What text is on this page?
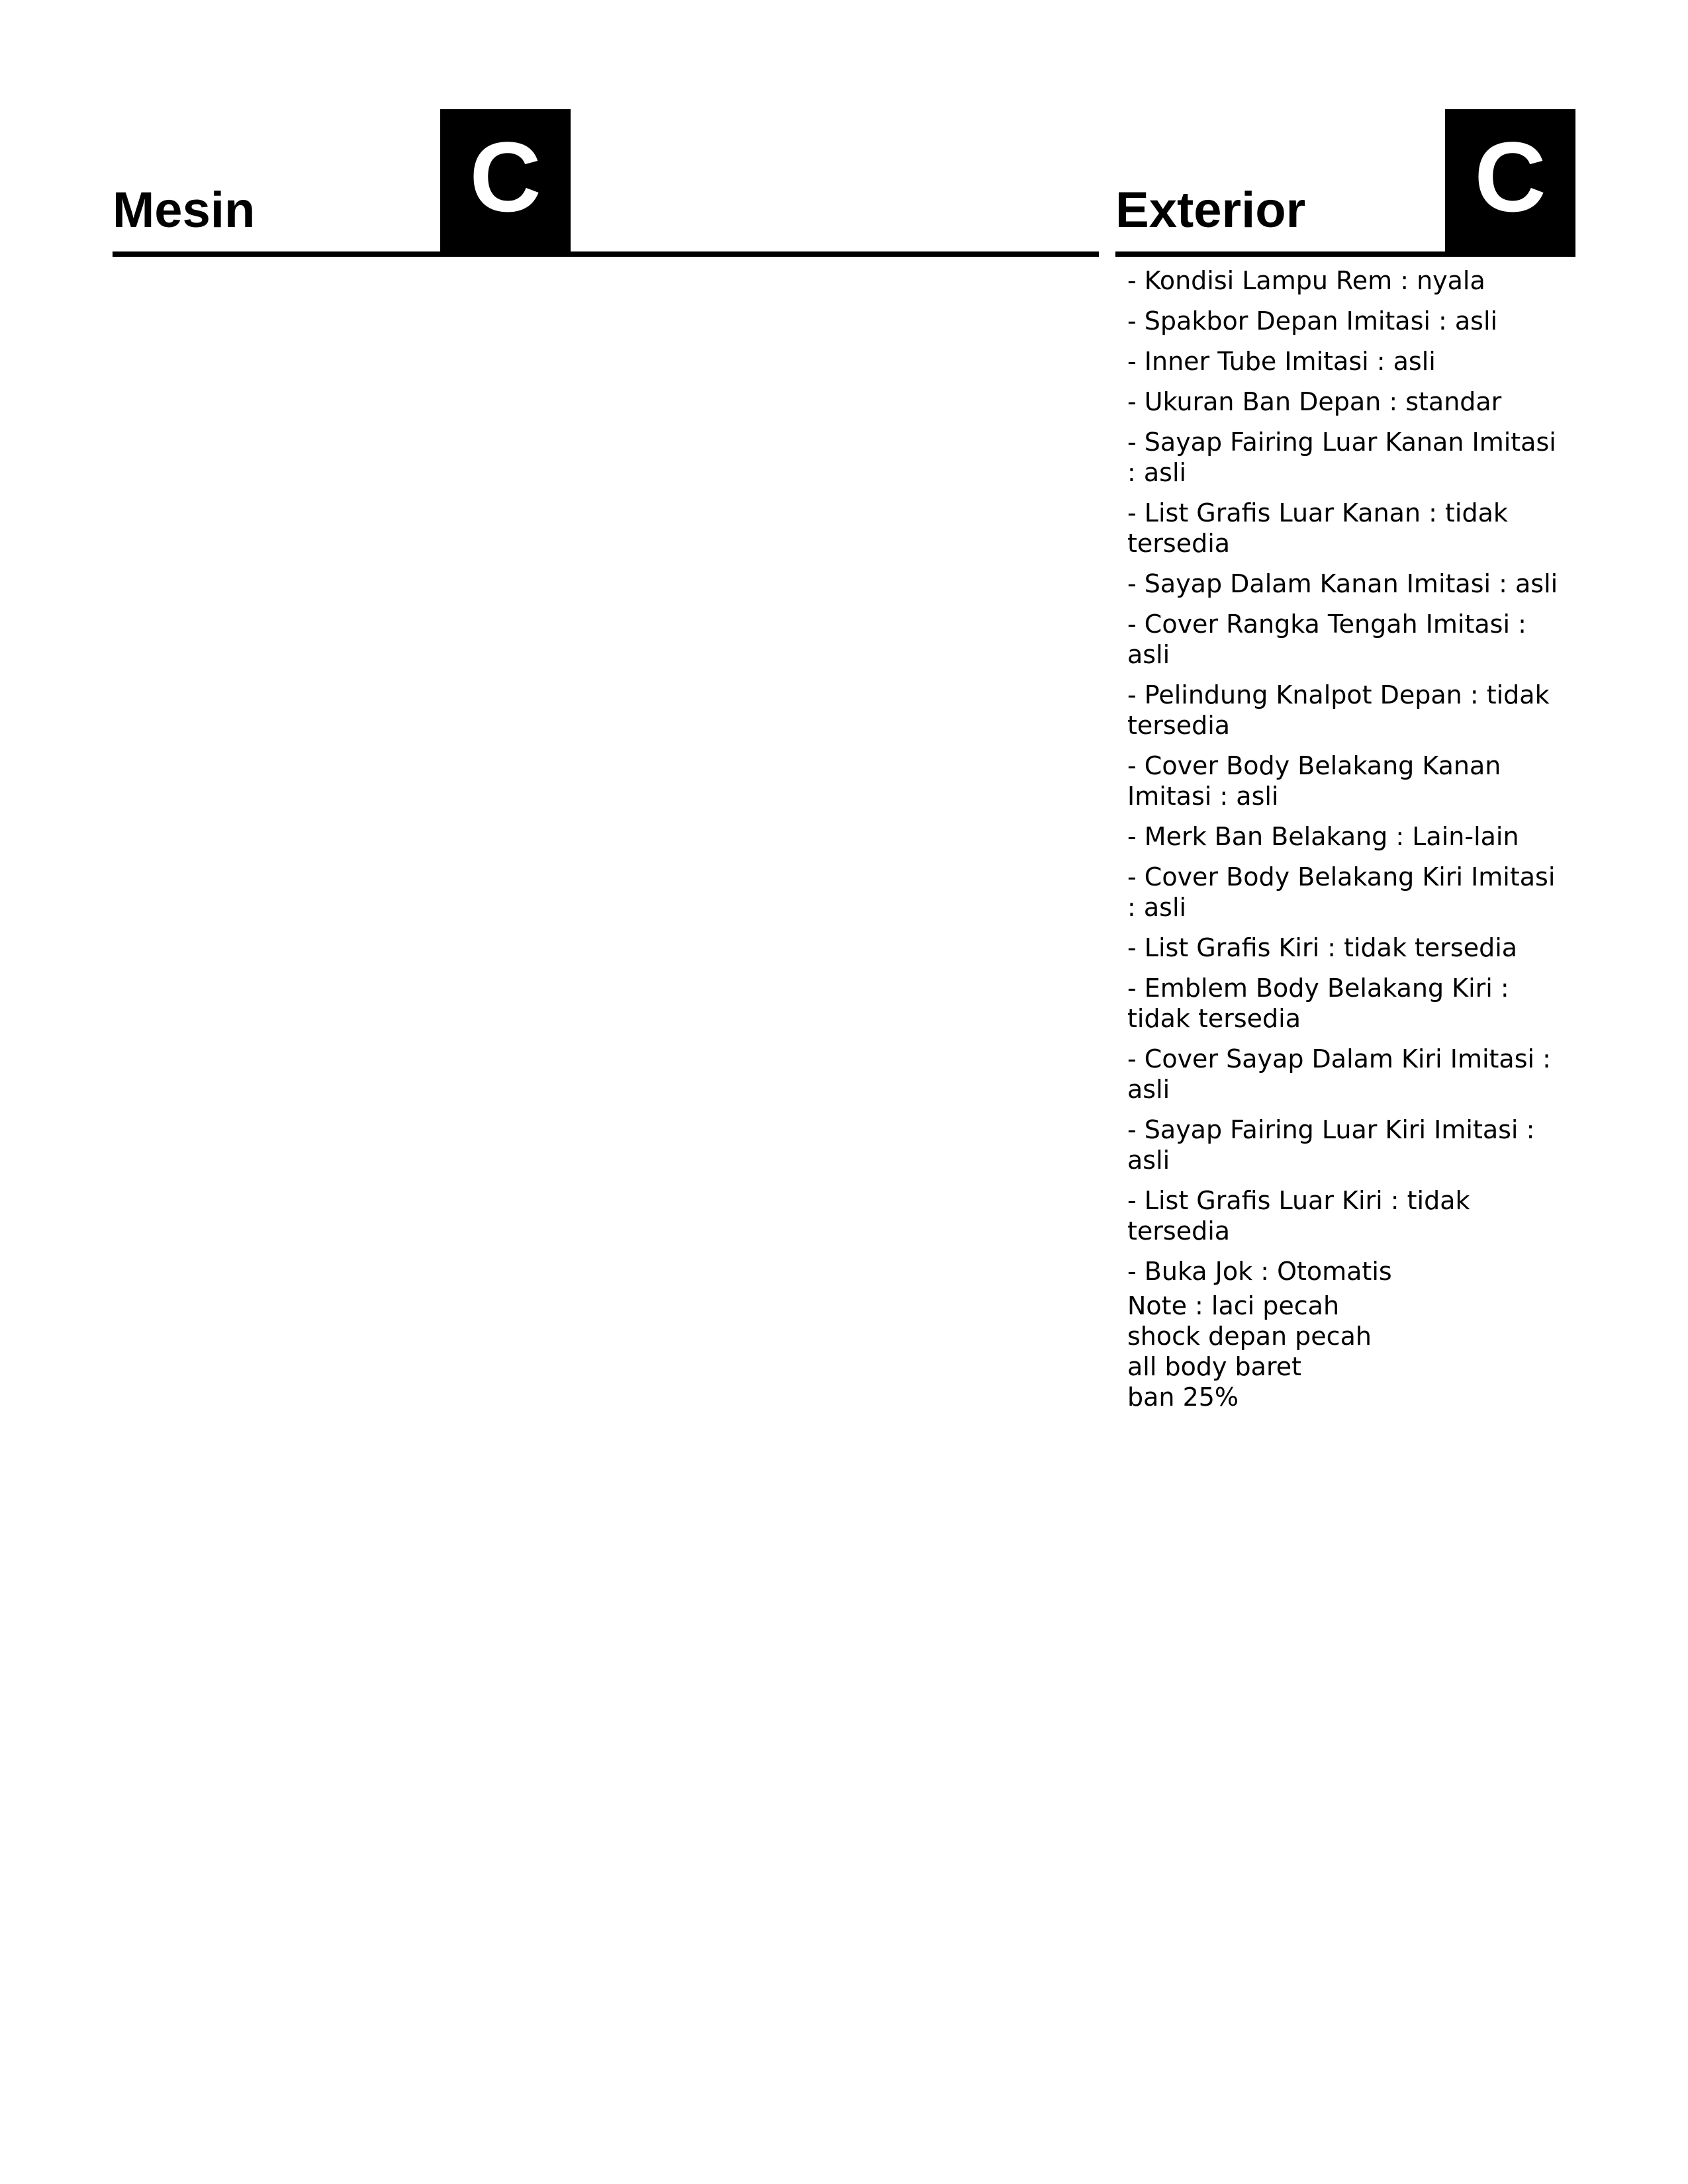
Mesin C	Exterior C
- Kondisi Lampu Rem : nyala
- Spakbor Depan Imitasi : asli
- Inner Tube Imitasi : asli
- Ukuran Ban Depan : standar
- Sayap Fairing Luar Kanan Imitasi : asli
- List Grafis Luar Kanan : tidak tersedia
- Sayap Dalam Kanan Imitasi : asli
- Cover Rangka Tengah Imitasi : asli
- Pelindung Knalpot Depan : tidak tersedia
- Cover Body Belakang Kanan Imitasi : asli
- Merk Ban Belakang : Lain-lain
- Cover Body Belakang Kiri Imitasi : asli
- List Grafis Kiri : tidak tersedia
- Emblem Body Belakang Kiri : tidak tersedia
- Cover Sayap Dalam Kiri Imitasi : asli
- Sayap Fairing Luar Kiri Imitasi : asli
- List Grafis Luar Kiri : tidak tersedia
- Buka Jok : Otomatis
Note : laci pecah
shock depan pecah
all body baret
ban 25%
